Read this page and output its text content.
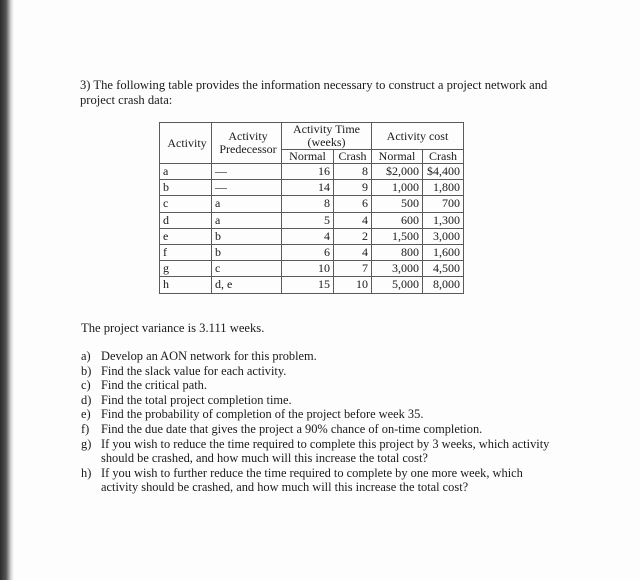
3) The following table provides the information necessary to construct a project network and project crash data:
Activity	Activity Predecessor	Activity Time (weeks)		Activity cost	
		Normal	Crash	Normal	Crash
a	—	16	8	$2,000	$4,400
b	—	14	9	1,000	1,800
c	a	8	6	500	700
d	a	5	4	600	1,300
e	b	4	2	1,500	3,000
f	b	6	4	800	1,600
g	c	10	7	3,000	4,500
h	d, e	15	10	5,000	8,000
The project variance is 3.111 weeks.
a) Develop an AON network for this problem.
b) Find the slack value for each activity.
c) Find the critical path.
d) Find the total project completion time.
e) Find the probability of completion of the project before week 35.
f) Find the due date that gives the project a 90% chance of on-time completion.
g) If you wish to reduce the time required to complete this project by 3 weeks, which activity should be crashed, and how much will this increase the total cost?
h) If you wish to further reduce the time required to complete by one more week, which activity should be crashed, and how much will this increase the total cost?
